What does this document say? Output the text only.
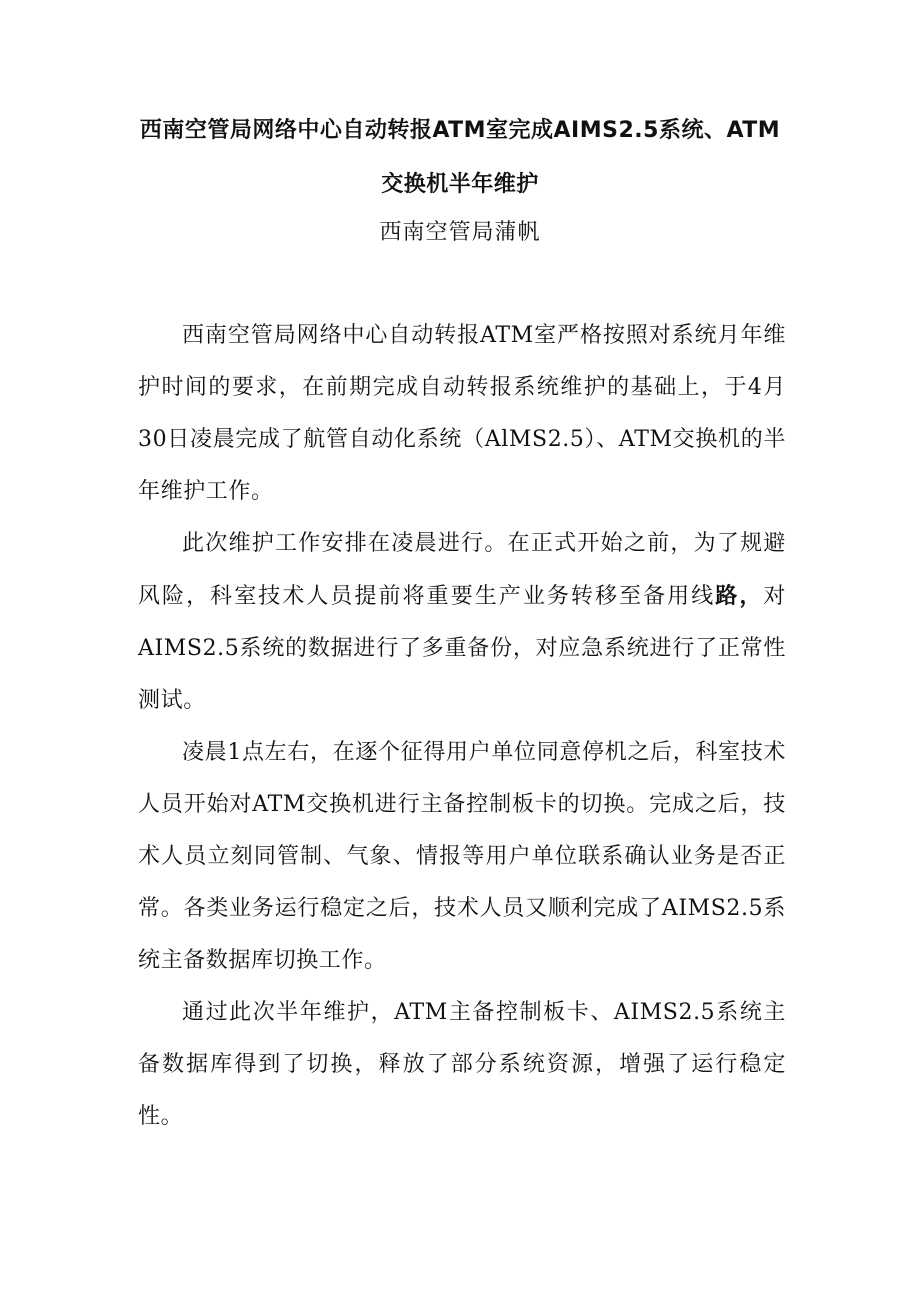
西南空管局网络中心自动转报ATM室完成AIMS2.5系统、ATM
交换机半年维护

西南空管局蒲帆

西南空管局网络中心自动转报ATM室严格按照对系统月年维护时间的要求，在前期完成自动转报系统维护的基础上，于4月30日凌晨完成了航管自动化系统（AlMS2.5）、ATM交换机的半年维护工作。

此次维护工作安排在凌晨进行。在正式开始之前，为了规避风险，科室技术人员提前将重要生产业务转移至备用线路，对AIMS2.5系统的数据进行了多重备份，对应急系统进行了正常性测试。

凌晨1点左右，在逐个征得用户单位同意停机之后，科室技术人员开始对ATM交换机进行主备控制板卡的切换。完成之后，技术人员立刻同管制、气象、情报等用户单位联系确认业务是否正常。各类业务运行稳定之后，技术人员又顺利完成了AIMS2.5系统主备数据库切换工作。

通过此次半年维护，ATM主备控制板卡、AIMS2.5系统主备数据库得到了切换，释放了部分系统资源，增强了运行稳定性。
